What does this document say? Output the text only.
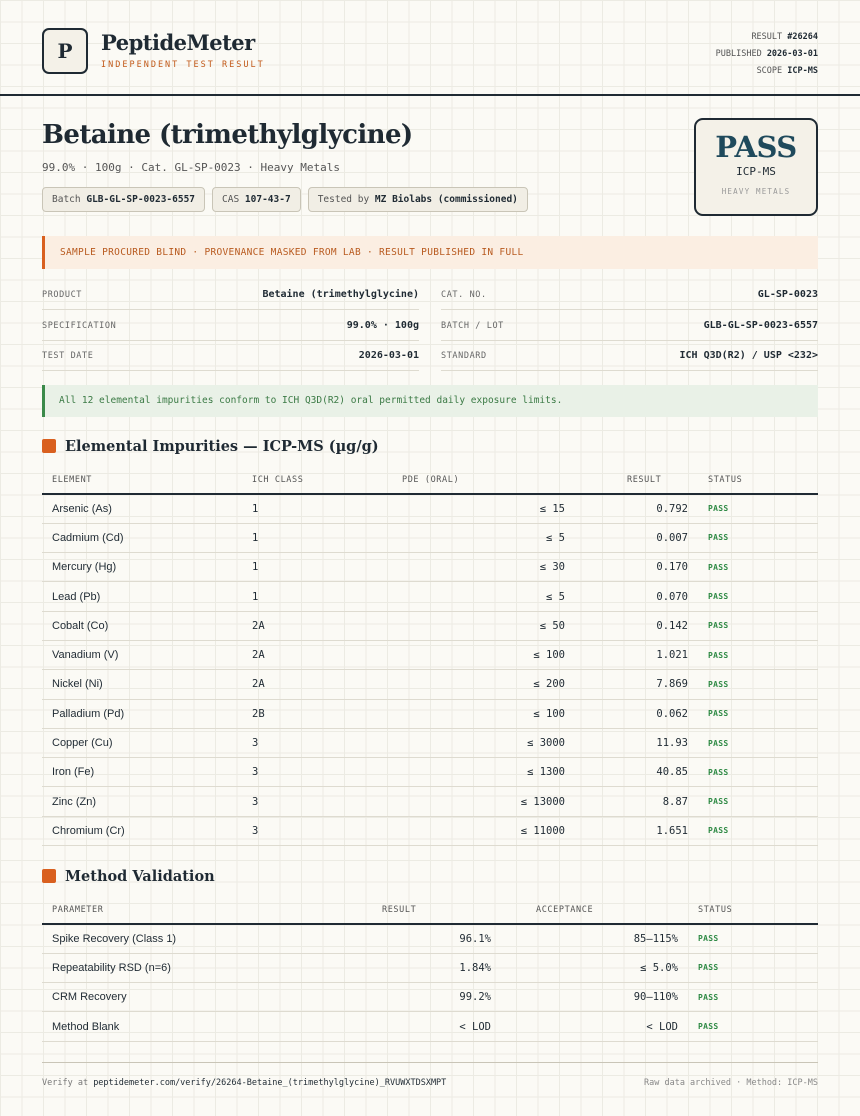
P PeptideMeter
INDEPENDENT TEST RESULT
RESULT #26264
PUBLISHED 2026-03-01
SCOPE ICP-MS
Betaine (trimethylglycine)
99.0% · 100g · Cat. GL-SP-0023 · Heavy Metals
Batch GLB-GL-SP-0023-6557	CAS 107-43-7	Tested by MZ Biolabs (commissioned)
PASS
ICP-MS
HEAVY METALS
SAMPLE PROCURED BLIND · PROVENANCE MASKED FROM LAB · RESULT PUBLISHED IN FULL
PRODUCT	Betaine (trimethylglycine)	CAT. NO.	GL-SP-0023
SPECIFICATION	99.0% · 100g	BATCH / LOT	GLB-GL-SP-0023-6557
TEST DATE	2026-03-01	STANDARD	ICH Q3D(R2) / USP <232>
All 12 elemental impurities conform to ICH Q3D(R2) oral permitted daily exposure limits.
Elemental Impurities — ICP-MS (µg/g)
ELEMENT	ICH CLASS	PDE (ORAL)	RESULT	STATUS
Arsenic (As)	1	≤ 15	0.792	PASS
Cadmium (Cd)	1	≤ 5	0.007	PASS
Mercury (Hg)	1	≤ 30	0.170	PASS
Lead (Pb)	1	≤ 5	0.070	PASS
Cobalt (Co)	2A	≤ 50	0.142	PASS
Vanadium (V)	2A	≤ 100	1.021	PASS
Nickel (Ni)	2A	≤ 200	7.869	PASS
Palladium (Pd)	2B	≤ 100	0.062	PASS
Copper (Cu)	3	≤ 3000	11.93	PASS
Iron (Fe)	3	≤ 1300	40.85	PASS
Zinc (Zn)	3	≤ 13000	8.87	PASS
Chromium (Cr)	3	≤ 11000	1.651	PASS
Method Validation
PARAMETER	RESULT	ACCEPTANCE	STATUS
Spike Recovery (Class 1)	96.1%	85–115%	PASS
Repeatability RSD (n=6)	1.84%	≤ 5.0%	PASS
CRM Recovery	99.2%	90–110%	PASS
Method Blank	< LOD	< LOD	PASS
Verify at peptidemeter.com/verify/26264-Betaine_(trimethylglycine)_RVUWXTDSXMPT	Raw data archived · Method: ICP-MS
